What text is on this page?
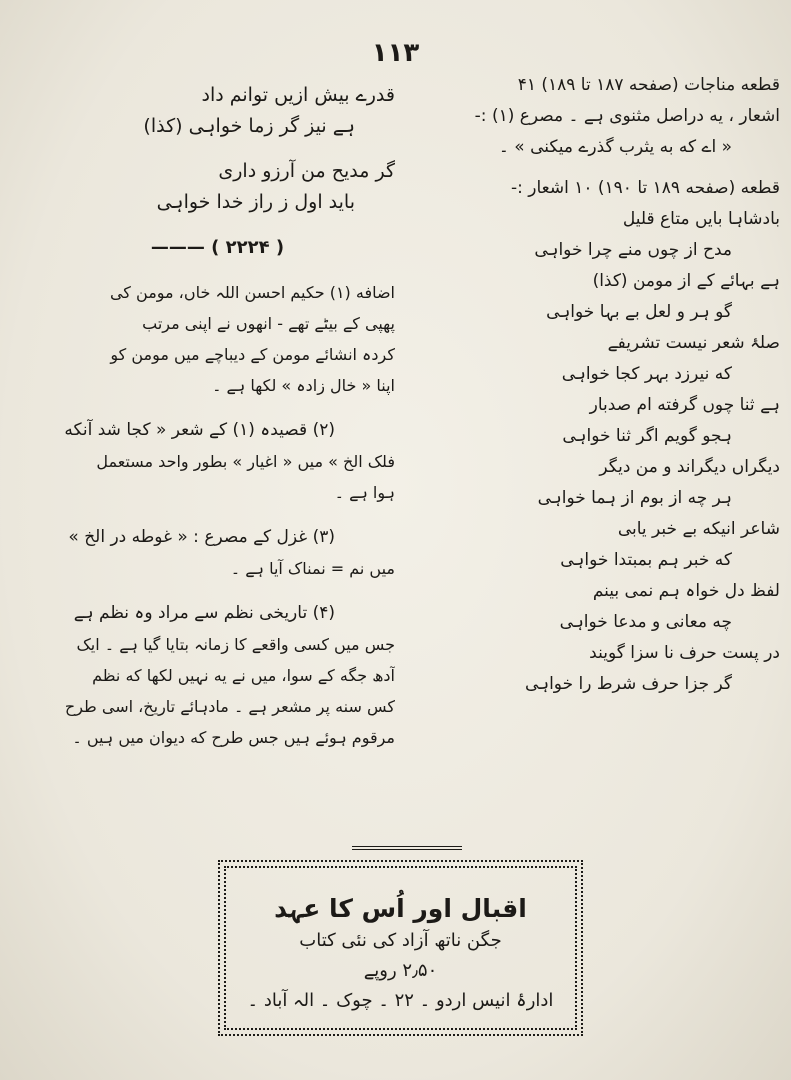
۱۱۳
قطعه مناجات (صفحه ۱۸۷ تا ۱۸۹) ۴۱
اشعار ، یه دراصل مثنوی ہے ۔ مصرع (۱) :-
« اے که به یثرب گذرے میکنی » ۔
قطعه (صفحه ۱۸۹ تا ۱۹۰) ۱۰ اشعار :-
بادشاہا بایں متاع قلیل
مدح از چوں منے چرا خواہی
ہے بہائے کے از مومن (کذا)
گو ہر و لعل بے بہا خواہی
صلۂ شعر نیست تشریفے
که نیرزد بہر کجا خواہی
ہے ثنا چوں گرفته ام صدبار
ہجو گویم اگر ثنا خواہی
دیگراں دیگراند و من دیگر
ہر چه از بوم از ہما خواہی
شاعر انیکه بے خبر یابی
که خبر ہم بمبتدا خواہی
لفظ دل خواہ ہم نمی بینم
چه معانی و مدعا خواہی
در پست حرف نا سزا گویند
گر جزا حرف شرط را خواہی
قدرے بیش ازیں توانم داد
ہے نیز گر زما خواہی (کذا)
گر مدیح من آرزو داری
باید اول ز راز خدا خواہی
——— ( ۲۲۲۴ )
اضافه (۱) حکیم احسن اللہ خاں، مومن کی
پھپی کے بیٹے تھے - انھوں نے اپنی مرتب
کردہ انشائے مومن کے دیباچے میں مومن کو
اپنا « خال زادہ » لکھا ہے ۔
(۲) قصیدہ (۱) کے شعر « کجا شد آنکه
فلک الخ » میں « اغیار » بطور واحد مستعمل
ہوا ہے ۔
(۳) غزل کے مصرع : « غوطه در الخ »
میں نم = نمناک آیا ہے ۔
(۴) تاریخی نظم سے مراد وہ نظم ہے
جس میں کسی واقعے کا زمانہ بتایا گیا ہے ۔ ایک
آدھ جگه کے سوا، میں نے یه نہیں لکھا که نظم
کس سنه پر مشعر ہے ۔ مادہائے تاریخ، اسی طرح
مرقوم ہوئے ہیں جس طرح که دیوان میں ہیں ۔
اقبال اور اُس کا عہد
جگن ناتھ آزاد کی نئی کتاب
۲٫۵۰ روپے
ادارۂ انیس اردو ۔ ۲۲ ۔ چوک ۔ الہ آباد ۔
